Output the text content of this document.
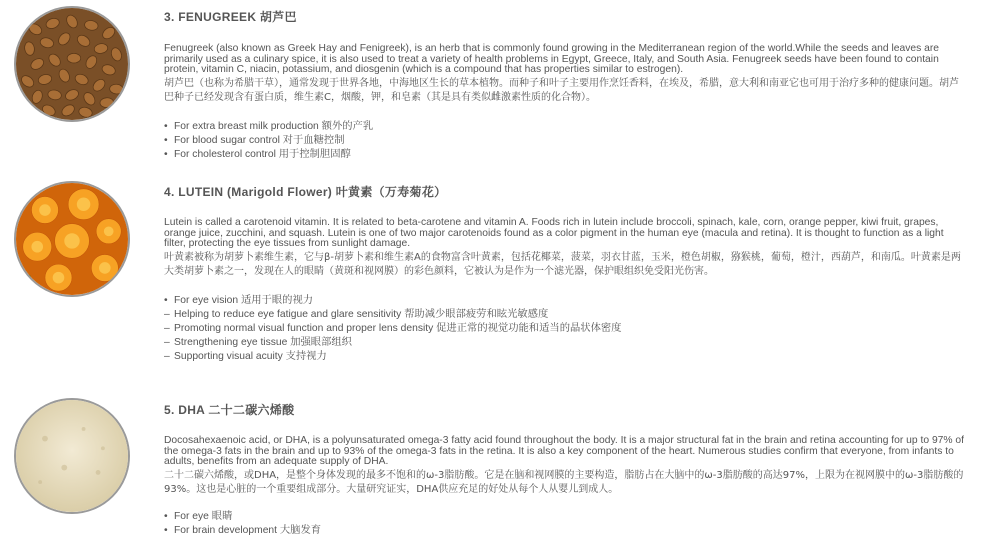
3. FENUGREEK 胡芦巴

Fenugreek (also known as Greek Hay and Fenigreek), is an herb that is commonly found growing in the Mediterranean region of the world.While the seeds and leaves are primarily used as a culinary spice, it is also used to treat a variety of health problems in Egypt, Greece, Italy, and South Asia. Fenugreek seeds have been found to contain protein, vitamin C, niacin, potassium, and diosgenin (which is a compound that has properties similar to estrogen).

胡芦巴（也称为希腊干草），通常发现于世界各地，中海地区生长的草本植物。而种子和叶子主要用作烹饪香料，在埃及，希腊，意大利和南亚它也可用于治疗多种的健康问题。胡芦巴种子已经发现含有蛋白质，维生素C，烟酸，钾，和皂素（其是具有类似雌激素性质的化合物）。

• For extra breast milk production 额外的产乳
• For blood sugar control 对于血糖控制
• For cholesterol control 用于控制胆固醇
4. LUTEIN (Marigold Flower) 叶黄素（万寿菊花）

Lutein is called a carotenoid vitamin. It is related to beta-carotene and vitamin A. Foods rich in lutein include broccoli, spinach, kale, corn, orange pepper, kiwi fruit, grapes, orange juice, zucchini, and squash. Lutein is one of two major carotenoids found as a color pigment in the human eye (macula and retina). It is thought to function as a light filter, protecting the eye tissues from sunlight damage.

叶黄素被称为胡萝卜素维生素，它与β-胡萝卜素和维生素A的食物富含叶黄素，包括花椰菜，菠菜，羽衣甘蓝，玉米，橙色胡椒，猕猴桃，葡萄，橙汁，西葫芦，和南瓜。叶黄素是两大类胡萝卜素之一，发现在人的眼睛（黄斑和视网膜）的彩色颜料，它被认为是作为一个滤光器，保护眼组织免受阳光伤害。

• For eye vision 适用于眼的视力
– Helping to reduce eye fatigue and glare sensitivity 帮助减少眼部疲劳和眩光敏感度
– Promoting normal visual function and proper lens density 促进正常的视觉功能和适当的晶状体密度
– Strengthening eye tissue 加强眼部组织
– Supporting visual acuity 支持视力
5. DHA 二十二碳六烯酸

Docosahexaenoic acid, or DHA, is a polyunsaturated omega-3 fatty acid found throughout the body. It is a major structural fat in the brain and retina accounting for up to 97% of the omega-3 fats in the brain and up to 93% of the omega-3 fats in the retina. It is also a key component of the heart. Numerous studies confirm that everyone, from infants to adults, benefits from an adequate supply of DHA.

二十二碳六烯酸，或DHA，是整个身体发现的最多不饱和的ω-3脂肪酸。它是在脑和视网膜的主要构造，脂肪占在大脑中的ω-3脂肪酸的高达97%，上限为在视网膜中的ω-3脂肪酸的93%。这也是心脏的一个重要组成部分。大量研究证实，DHA供应充足的好处从每个人从婴儿到成人。

• For eye 眼睛
• For brain development 大脑发育
